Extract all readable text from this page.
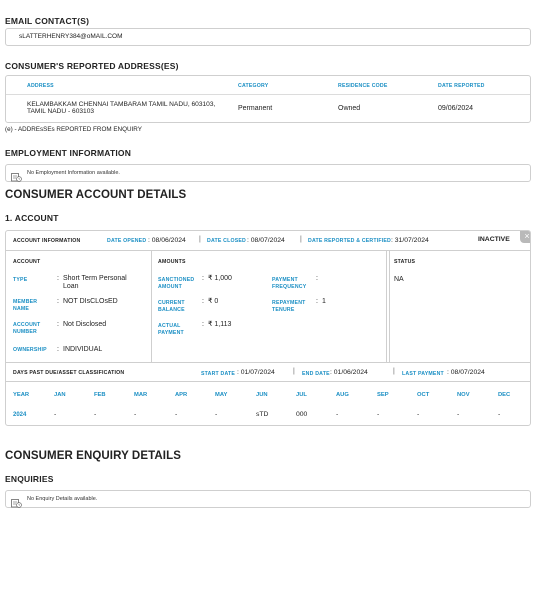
EMAIL CONTACT(S)
sLATTERHENRY384@oMAIL.COM
CONSUMER'S REPORTED ADDRESS(ES)
ADDRESS	CATEGORY	RESIDENCE CODE	DATE REPORTED
KELAMBAKKAM CHENNAI TAMBARAM TAMIL NADU, 603103,
TAMIL NADU - 603103	Permanent	Owned	09/06/2024
(e) - ADDREsSEs REPORTED FROM ENQUIRY
EMPLOYMENT INFORMATION
No Employment Information available.
CONSUMER ACCOUNT DETAILS
1. ACCOUNT
ACCOUNT INFORMATION	DATE OPENED : 08/06/2024 | DATE CLOSED : 08/07/2024 | DATE REPORTED & CERTIFIED : 31/07/2024	INACTIVE	×
ACCOUNT	AMOUNTS	STATUS
TYPE	: Short Term Personal Loan
MEMBER NAME
: NOT DIsCLOsED
ACCOUNT NUMBER
: Not Disclosed
OWNERSHIP	: INDIVIDUAL
SANCTIONED AMOUNT
: ₹ 1,000
CURRENT BALANCE
: ₹ 0
ACTUAL PAYMENT
: ₹ 1,113
PAYMENT FREQUENCY
:
REPAYMENT TENURE
: 1
NA
DAYS PAST DUE/ASSET CLASSIFICATION	START DATE : 01/07/2024	| END DATE : 01/06/2024	| LAST PAYMENT : 08/07/2024
YEAR	JAN	FEB	MAR	APR	MAY	JUN	JUL	AUG	SEP	OCT	NOV	DEC
2024	-	-	-	-	-	sTD	000	-	-	-	-	-
CONSUMER ENQUIRY DETAILS
ENQUIRIES
No Enquiry Details available.
